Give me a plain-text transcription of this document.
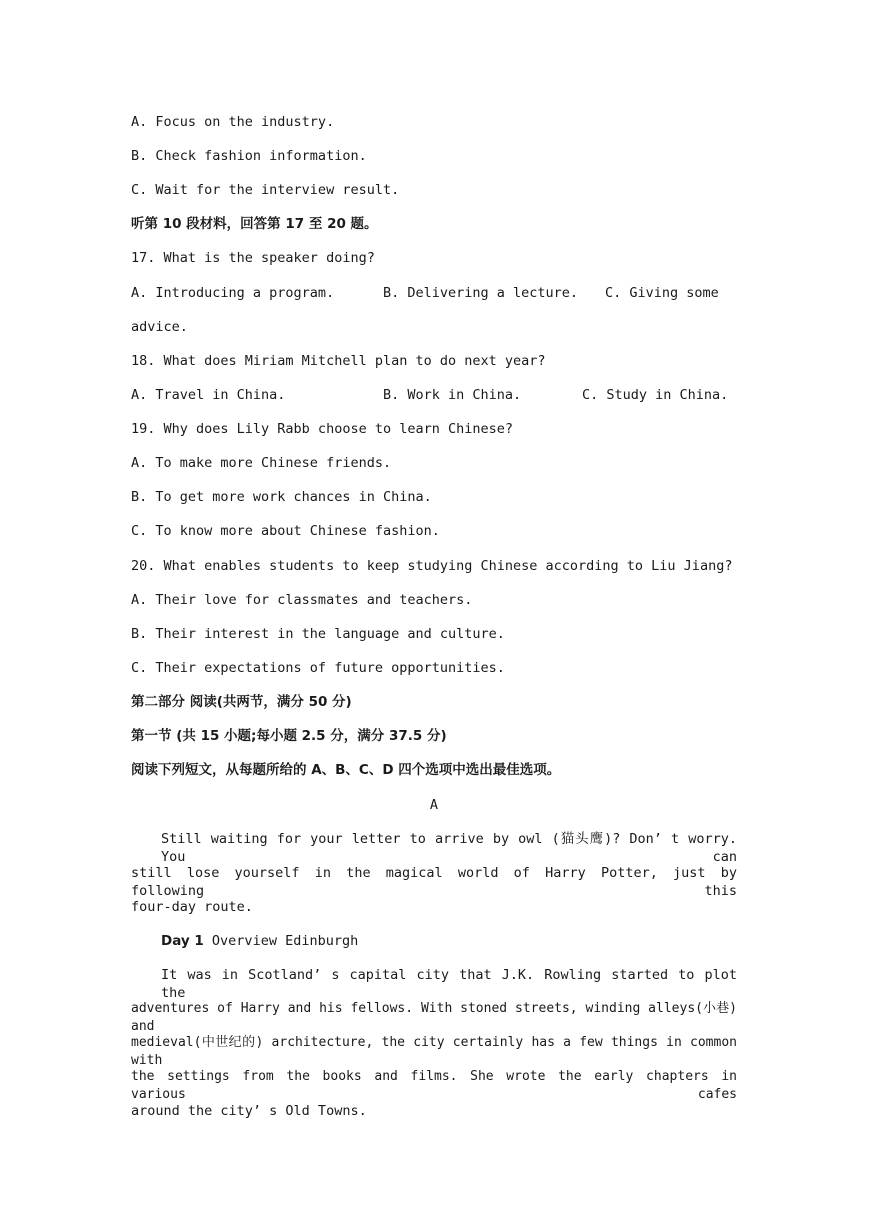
A. Focus on the industry.
B. Check fashion information.
C. Wait for the interview result.
听第 10 段材料，回答第 17 至 20 题。
17. What is the speaker doing?
A. Introducing a program.	B. Delivering a lecture. C. Giving some
advice.
18. What does Miriam Mitchell plan to do next year?
A. Travel in China.	B. Work in China.	C. Study in China.
19. Why does Lily Rabb choose to learn Chinese?
A. To make more Chinese friends.
B. To get more work chances in China.
C. To know more about Chinese fashion.
20. What enables students to keep studying Chinese according to Liu Jiang?
A. Their love for classmates and teachers.
B. Their interest in the language and culture.
C. Their expectations of future opportunities.
第二部分 阅读(共两节，满分 50 分)
第一节 (共 15 小题;每小题 2.5 分，满分 37.5 分)
阅读下列短文，从每题所给的 A、B、C、D 四个选项中选出最佳选项。
A
Still waiting for your letter to arrive by owl (猫头鹰)? Don’ t worry. You can
still lose yourself in the magical world of Harry Potter, just by following this
four-day route.
Day 1 Overview Edinburgh
It was in Scotland’ s capital city that J.K. Rowling started to plot the
adventures of Harry and his fellows. With stoned streets, winding alleys(小巷) and
medieval(中世纪的) architecture, the city certainly has a few things in common with
the settings from the books and films. She wrote the early chapters in various cafes
around the city’ s Old Towns.
